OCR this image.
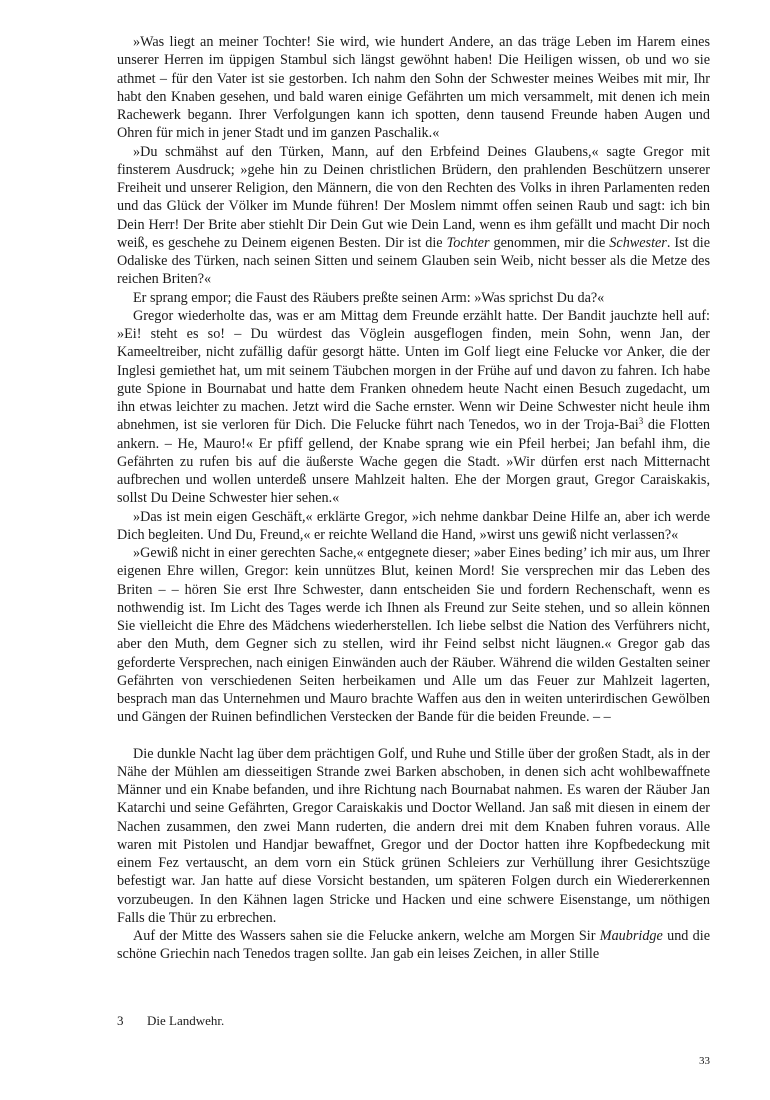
»Was liegt an meiner Tochter! Sie wird, wie hundert Andere, an das träge Leben im Harem eines unserer Herren im üppigen Stambul sich längst gewöhnt haben! Die Heiligen wissen, ob und wo sie athmet – für den Vater ist sie gestorben. Ich nahm den Sohn der Schwester meines Weibes mit mir, Ihr habt den Knaben gesehen, und bald waren einige Gefährten um mich versammelt, mit denen ich mein Rachewerk begann. Ihrer Verfolgungen kann ich spotten, denn tausend Freunde haben Augen und Ohren für mich in jener Stadt und im ganzen Paschalik.«

»Du schmähst auf den Türken, Mann, auf den Erbfeind Deines Glaubens,« sagte Gregor mit finsterem Ausdruck; »gehe hin zu Deinen christlichen Brüdern, den prahlenden Beschützern unserer Freiheit und unserer Religion, den Männern, die von den Rechten des Volks in ihren Parlamenten reden und das Glück der Völker im Munde führen! Der Moslem nimmt offen seinen Raub und sagt: ich bin Dein Herr! Der Brite aber stiehlt Dir Dein Gut wie Dein Land, wenn es ihm gefällt und macht Dir noch weiß, es geschehe zu Deinem eigenen Besten. Dir ist die Tochter genommen, mir die Schwester. Ist die Odaliske des Türken, nach seinen Sitten und seinem Glauben sein Weib, nicht besser als die Metze des reichen Briten?«

Er sprang empor; die Faust des Räubers preßte seinen Arm: »Was sprichst Du da?«

Gregor wiederholte das, was er am Mittag dem Freunde erzählt hatte. Der Bandit jauchzte hell auf: »Ei! steht es so! – Du würdest das Vöglein ausgeflogen finden, mein Sohn, wenn Jan, der Kameeltreiber, nicht zufällig dafür gesorgt hätte. Unten im Golf liegt eine Felucke vor Anker, die der Inglesi gemiethet hat, um mit seinem Täubchen morgen in der Frühe auf und davon zu fahren. Ich habe gute Spione in Bournabat und hatte dem Franken ohnedem heute Nacht einen Besuch zugedacht, um ihn etwas leichter zu machen. Jetzt wird die Sache ernster. Wenn wir Deine Schwester nicht heule ihm abnehmen, ist sie verloren für Dich. Die Felucke führt nach Tenedos, wo in der Troja-Bai$^3$ die Flotten ankern. – He, Mauro!« Er pfiff gellend, der Knabe sprang wie ein Pfeil herbei; Jan befahl ihm, die Gefährten zu rufen bis auf die äußerste Wache gegen die Stadt. »Wir dürfen erst nach Mitternacht aufbrechen und wollen unterdeß unsere Mahlzeit halten. Ehe der Morgen graut, Gregor Caraiskakis, sollst Du Deine Schwester hier sehen.«

»Das ist mein eigen Geschäft,« erklärte Gregor, »ich nehme dankbar Deine Hilfe an, aber ich werde Dich begleiten. Und Du, Freund,« er reichte Welland die Hand, »wirst uns gewiß nicht verlassen?«

»Gewiß nicht in einer gerechten Sache,« entgegnete dieser; »aber Eines beding’ ich mir aus, um Ihrer eigenen Ehre willen, Gregor: kein unnützes Blut, keinen Mord! Sie versprechen mir das Leben des Briten – – hören Sie erst Ihre Schwester, dann entscheiden Sie und fordern Rechenschaft, wenn es nothwendig ist. Im Licht des Tages werde ich Ihnen als Freund zur Seite stehen, und so allein können Sie vielleicht die Ehre des Mädchens wiederherstellen. Ich liebe selbst die Nation des Verführers nicht, aber den Muth, dem Gegner sich zu stellen, wird ihr Feind selbst nicht läugnen.« Gregor gab das geforderte Versprechen, nach einigen Einwänden auch der Räuber. Während die wilden Gestalten seiner Gefährten von verschiedenen Seiten herbeikamen und Alle um das Feuer zur Mahlzeit lagerten, besprach man das Unternehmen und Mauro brachte Waffen aus den in weiten unterirdischen Gewölben und Gängen der Ruinen befindlichen Verstecken der Bande für die beiden Freunde. – –

Die dunkle Nacht lag über dem prächtigen Golf, und Ruhe und Stille über der großen Stadt, als in der Nähe der Mühlen am diesseitigen Strande zwei Barken abschoben, in denen sich acht wohlbewaffnete Männer und ein Knabe befanden, und ihre Richtung nach Bournabat nahmen. Es waren der Räuber Jan Katarchi und seine Gefährten, Gregor Caraiskakis und Doctor Welland. Jan saß mit diesen in einem der Nachen zusammen, den zwei Mann ruderten, die andern drei mit dem Knaben fuhren voraus. Alle waren mit Pistolen und Handjar bewaffnet, Gregor und der Doctor hatten ihre Kopfbedeckung mit einem Fez vertauscht, an dem vorn ein Stück grünen Schleiers zur Verhüllung ihrer Gesichtszüge befestigt war. Jan hatte auf diese Vorsicht bestanden, um späteren Folgen durch ein Wiedererkennen vorzubeugen. In den Kähnen lagen Stricke und Hacken und eine schwere Eisenstange, um nöthigen Falls die Thür zu erbrechen.

Auf der Mitte des Wassers sahen sie die Felucke ankern, welche am Morgen Sir Maubridge und die schöne Griechin nach Tenedos tragen sollte. Jan gab ein leises Zeichen, in aller Stille

3	Die Landwehr.
33
